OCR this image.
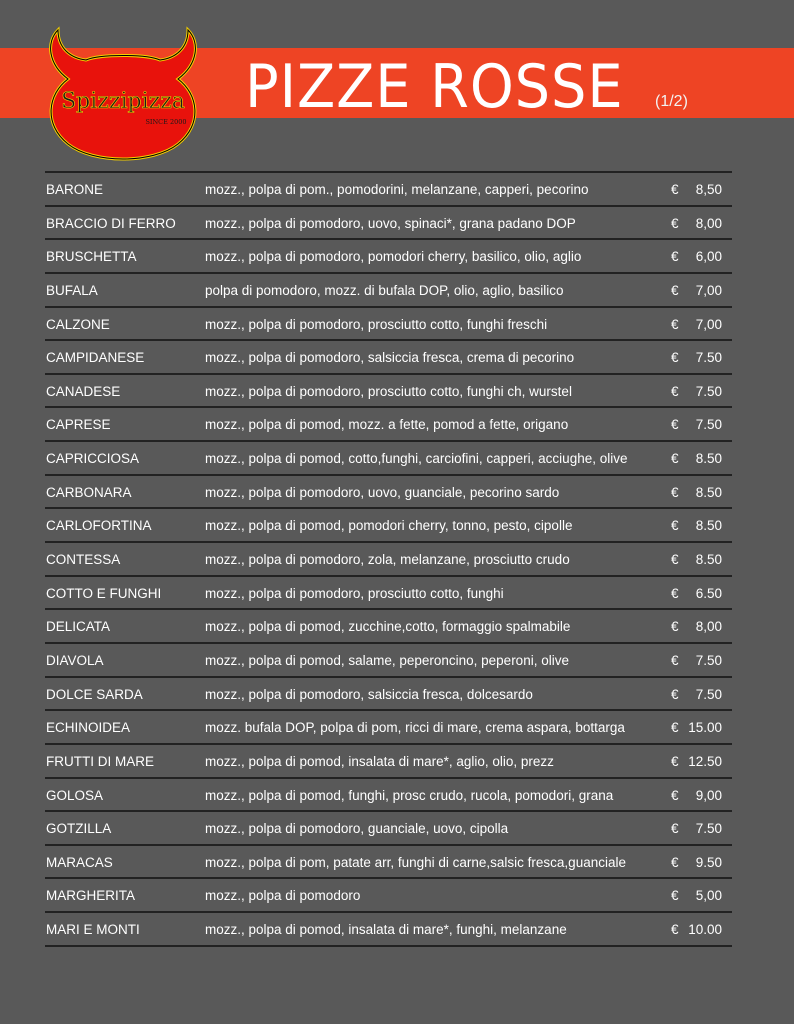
Spizzipizza
SINCE 2000 PIZZE ROSSE (1/2)
BARONE	mozz., polpa di pom., pomodorini, melanzane, capperi, pecorino	€ 8,50
BRACCIO DI FERRO mozz., polpa di pomodoro, uovo, spinaci*, grana padano DOP	€ 8,00
BRUSCHETTA	mozz., polpa di pomodoro, pomodori cherry, basilico, olio, aglio	€ 6,00
BUFALA	polpa di pomodoro, mozz. di bufala DOP, olio, aglio, basilico	€ 7,00
CALZONE	mozz., polpa di pomodoro, prosciutto cotto, funghi freschi	€ 7,00
CAMPIDANESE	mozz., polpa di pomodoro, salsiccia fresca, crema di pecorino	€ 7.50
CANADESE	mozz., polpa di pomodoro, prosciutto cotto, funghi ch, wurstel	€ 7.50
CAPRESE	mozz., polpa di pomod, mozz. a fette, pomod a fette, origano	€ 7.50
CAPRICCIOSA	mozz., polpa di pomod, cotto,funghi, carciofini, capperi, acciughe, olive	€ 8.50
CARBONARA	mozz., polpa di pomodoro, uovo, guanciale, pecorino sardo	€ 8.50
CARLOFORTINA	mozz., polpa di pomod, pomodori cherry, tonno, pesto, cipolle	€ 8.50
CONTESSA	mozz., polpa di pomodoro, zola, melanzane, prosciutto crudo	€ 8.50
COTTO E FUNGHI	mozz., polpa di pomodoro, prosciutto cotto, funghi	€ 6.50
DELICATA	mozz., polpa di pomod, zucchine,cotto, formaggio spalmabile	€ 8,00
DIAVOLA	mozz., polpa di pomod, salame, peperoncino, peperoni, olive	€ 7.50
DOLCE SARDA	mozz., polpa di pomodoro, salsiccia fresca, dolcesardo	€ 7.50
ECHINOIDEA	mozz. bufala DOP, polpa di pom, ricci di mare, crema aspara, bottarga	€ 15.00
FRUTTI DI MARE	mozz., polpa di pomod, insalata di mare*, aglio, olio, prezz	€ 12.50
GOLOSA	mozz., polpa di pomod, funghi, prosc crudo, rucola, pomodori, grana	€ 9,00
GOTZILLA	mozz., polpa di pomodoro, guanciale, uovo, cipolla	€ 7.50
MARACAS	mozz., polpa di pom, patate arr, funghi di carne,salsic fresca,guanciale	€ 9.50
MARGHERITA	mozz., polpa di pomodoro	€ 5,00
MARI E MONTI	mozz., polpa di pomod, insalata di mare*, funghi, melanzane	€ 10.00
